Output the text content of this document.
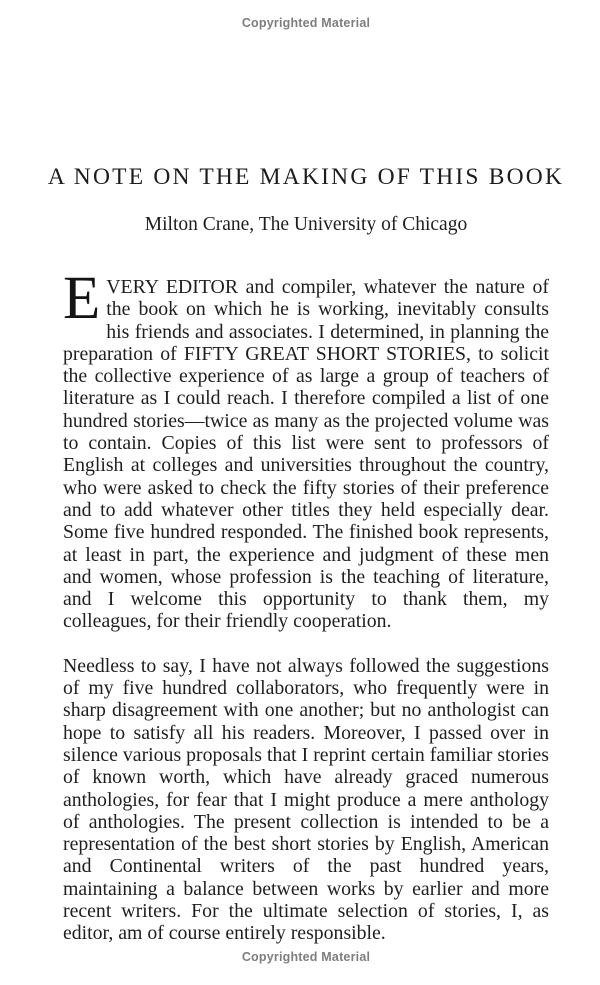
Copyrighted Material
A NOTE ON THE MAKING OF THIS BOOK
Milton Crane, The University of Chicago

EVERY EDITOR and compiler, whatever the nature of the book on which he is working, inevitably consults his friends and associates. I determined, in planning the preparation of FIFTY GREAT SHORT STORIES, to solicit the collective experience of as large a group of teachers of literature as I could reach. I therefore compiled a list of one hundred stories—twice as many as the projected volume was to contain. Copies of this list were sent to professors of English at colleges and universities throughout the country, who were asked to check the fifty stories of their preference and to add whatever other titles they held especially dear. Some five hundred responded. The finished book represents, at least in part, the experience and judgment of these men and women, whose profession is the teaching of literature, and I welcome this opportunity to thank them, my colleagues, for their friendly cooperation.

Needless to say, I have not always followed the suggestions of my five hundred collaborators, who frequently were in sharp disagreement with one another; but no anthologist can hope to satisfy all his readers. Moreover, I passed over in silence various proposals that I reprint certain familiar stories of known worth, which have already graced numerous anthologies, for fear that I might produce a mere anthology of anthologies. The present collection is intended to be a representation of the best short stories by English, American and Continental writers of the past hundred years, maintaining a balance between works by earlier and more recent writers. For the ultimate selection of stories, I, as editor, am of course entirely responsible.

Copyrighted Material
